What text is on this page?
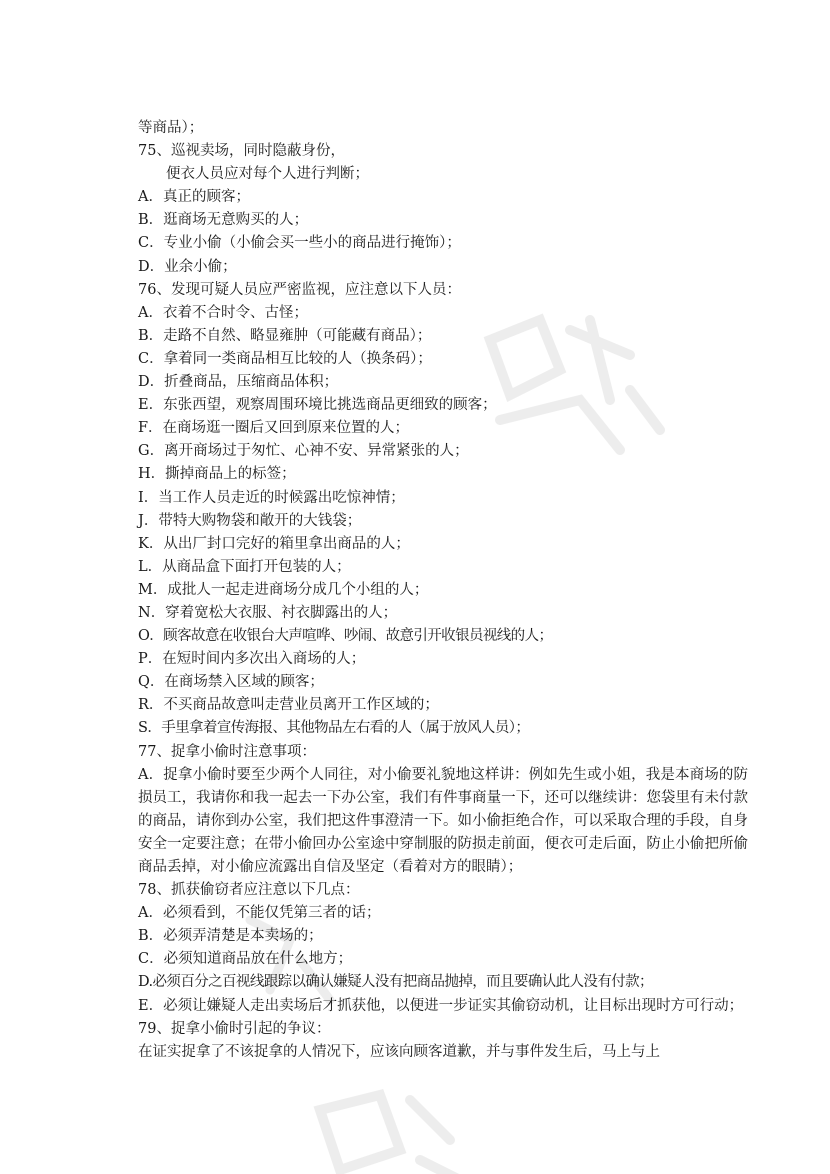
等商品）；
75、巡视卖场，同时隐蔽身份，
便衣人员应对每个人进行判断；
A．真正的顾客；
B．逛商场无意购买的人；
C．专业小偷（小偷会买一些小的商品进行掩饰）；
D．业余小偷；
76、发现可疑人员应严密监视，应注意以下人员：
A．衣着不合时令、古怪；
B．走路不自然、略显雍肿（可能藏有商品）；
C．拿着同一类商品相互比较的人（换条码）；
D．折叠商品，压缩商品体积；
E．东张西望，观察周围环境比挑选商品更细致的顾客；
F．在商场逛一圈后又回到原来位置的人；
G．离开商场过于匆忙、心神不安、异常紧张的人；
H．撕掉商品上的标签；
I．当工作人员走近的时候露出吃惊神情；
J．带特大购物袋和敞开的大钱袋；
K．从出厂封口完好的箱里拿出商品的人；
L．从商品盒下面打开包装的人；
M．成批人一起走进商场分成几个小组的人；
N．穿着宽松大衣服、衬衣脚露出的人；
O．顾客故意在收银台大声喧哗、吵闹、故意引开收银员视线的人；
P．在短时间内多次出入商场的人；
Q．在商场禁入区域的顾客；
R．不买商品故意叫走营业员离开工作区域的；
S．手里拿着宣传海报、其他物品左右看的人（属于放风人员）；
77、捉拿小偷时注意事项：
A．捉拿小偷时要至少两个人同往，对小偷要礼貌地这样讲：例如先生或小姐，我是本商场的防损员工，我请你和我一起去一下办公室，我们有件事商量一下，还可以继续讲：您袋里有未付款的商品，请你到办公室，我们把这件事澄清一下。如小偷拒绝合作，可以采取合理的手段，自身安全一定要注意；在带小偷回办公室途中穿制服的防损走前面，便衣可走后面，防止小偷把所偷商品丢掉，对小偷应流露出自信及坚定（看着对方的眼睛）；
78、抓获偷窃者应注意以下几点：
A．必须看到，不能仅凭第三者的话；
B．必须弄清楚是本卖场的；
C．必须知道商品放在什么地方；
D.必须百分之百视线跟踪以确认嫌疑人没有把商品抛掉，而且要确认此人没有付款；
E．必须让嫌疑人走出卖场后才抓获他，以便进一步证实其偷窃动机，让目标出现时方可行动；
79、捉拿小偷时引起的争议：
在证实捉拿了不该捉拿的人情况下，应该向顾客道歉，并与事件发生后，马上与上
